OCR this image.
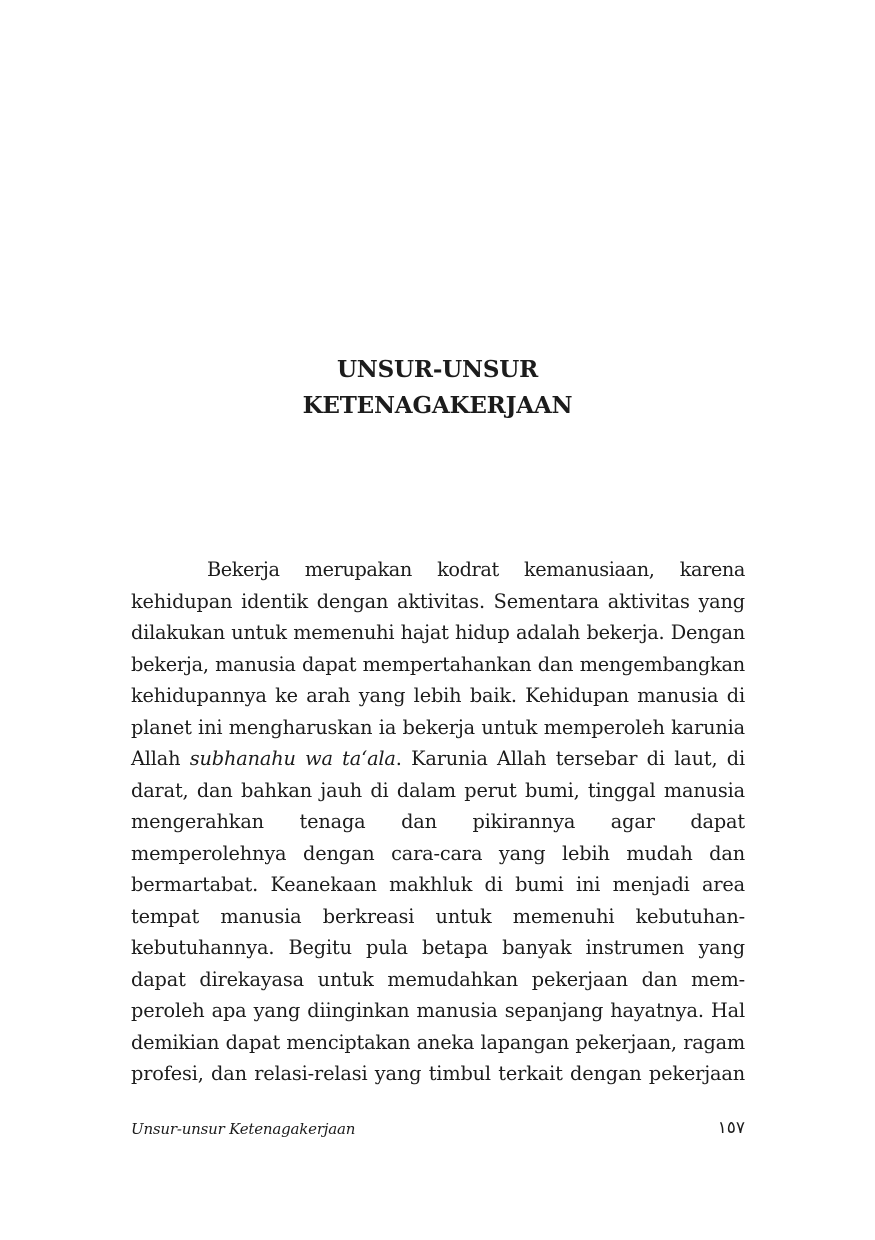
UNSUR-UNSUR
KETENAGAKERJAAN
Bekerja merupakan kodrat kemanusiaan, karena
kehidupan identik dengan aktivitas. Sementara aktivitas yang
dilakukan untuk memenuhi hajat hidup adalah bekerja. Dengan
bekerja, manusia dapat mempertahankan dan mengembangkan
kehidupannya ke arah yang lebih baik. Kehidupan manusia di
planet ini mengharuskan ia bekerja untuk memperoleh karunia
Allah subhanahu wa ta‘ala. Karunia Allah tersebar di laut, di
darat, dan bahkan jauh di dalam perut bumi, tinggal manusia
mengerahkan tenaga dan pikirannya agar dapat
memperolehnya dengan cara-cara yang lebih mudah dan
bermartabat. Keanekaan makhluk di bumi ini menjadi area
tempat manusia berkreasi untuk memenuhi kebutuhan-
kebutuhannya. Begitu pula betapa banyak instrumen yang
dapat direkayasa untuk memudahkan pekerjaan dan mem-
peroleh apa yang diinginkan manusia sepanjang hayatnya. Hal
demikian dapat menciptakan aneka lapangan pekerjaan, ragam
profesi, dan relasi-relasi yang timbul terkait dengan pekerjaan
Unsur-unsur Ketenagakerjaan	١٥٧
